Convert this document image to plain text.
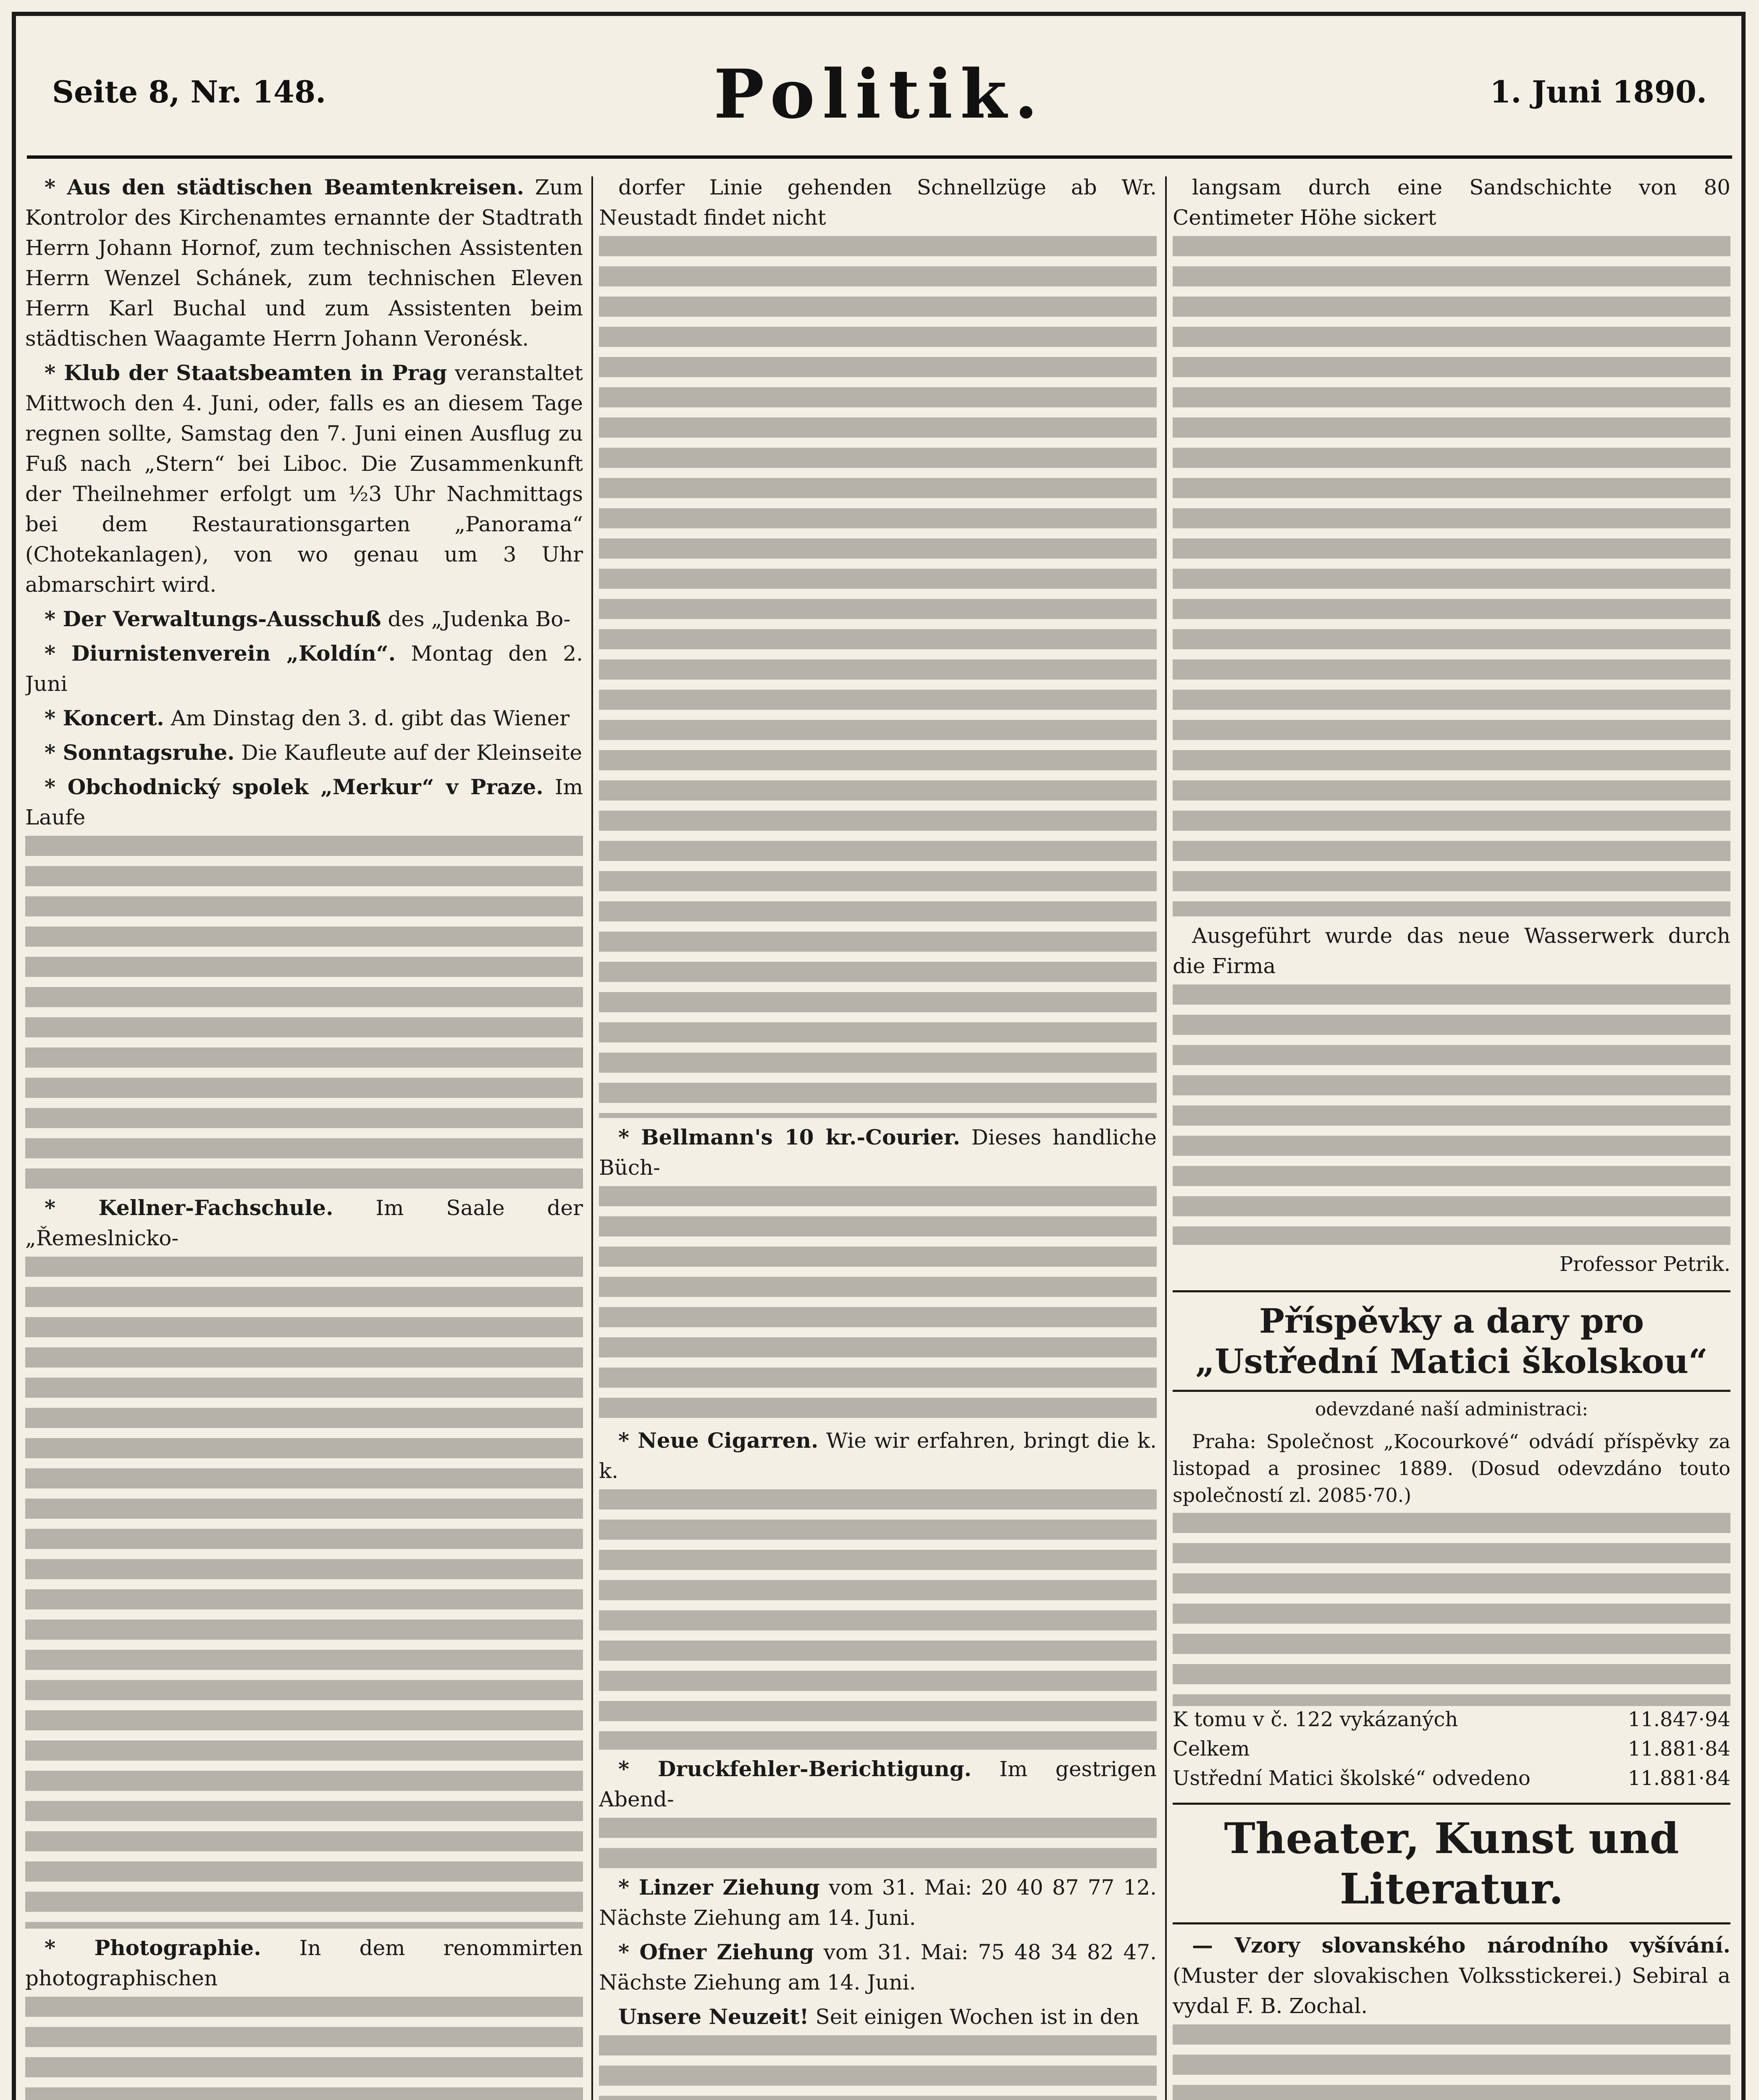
Seite 8, Nr. 148.	Politik.	1. Juni 1890.

* Aus den städtischen Beamtenkreisen. Zum Kontrolor des Kirchenamtes ernannte der Stadtrath Herrn Johann Hornof, zum technischen Assistenten Herrn Wenzel Schánek, zum technischen Eleven Herrn Karl Buchal und zum Assistenten beim städtischen Waagamte Herrn Johann Veronésk.

* Klub der Staatsbeamten in Prag veranstaltet Mittwoch den 4. Juni, oder, falls es an diesem Tage regnen sollte, Samstag den 7. Juni einen Ausflug zu Fuß nach „Stern“ bei Liboc. Die Zusammenkunft der Theilnehmer erfolgt um ½3 Uhr Nachmittags bei dem Restaurationsgarten „Panorama“ (Chotekanlagen), von wo genau um 3 Uhr abmarschirt wird.

* Der Verwaltungs-Ausschuß des „Judenka Bo-

* Diurnistenverein „Koldín“. Montag den 2. Juni

* Koncert. Am Dinstag den 3. d. gibt das Wiener

* Sonntagsruhe. Die Kaufleute auf der Kleinseite

* Obchodnický spolek „Merkur“ v Praze. Im Laufe

* Kellner-Fachschule. Im Saale der „Řemeslnicko-

* Photographie. In dem renommirten photographischen

dorfer Linie gehenden Schnellzüge ab Wr. Neustadt findet nicht

* Bellmann's 10 kr.-Courier. Dieses handliche Büch-

* Neue Cigarren. Wie wir erfahren, bringt die k. k.

* Druckfehler-Berichtigung. Im gestrigen Abend-

* Linzer Ziehung vom 31. Mai: 20 40 87 77 12. Nächste Ziehung am 14. Juni.

* Ofner Ziehung vom 31. Mai: 75 48 34 82 47. Nächste Ziehung am 14. Juni.

Unsere Neuzeit! Seit einigen Wochen ist in den

langsam durch eine Sandschichte von 80 Centimeter Höhe sickert

Ausgeführt wurde das neue Wasserwerk durch die Firma

Professor Petrik.
Příspěvky a dary pro „Ustřední Matici školskou“
odevzdané naší administraci:

Praha: Společnost „Kocourkové“ odvádí příspěvky za listopad a prosinec 1889. (Dosud odevzdáno touto společností zl. 2085·70.)

K tomu v č. 122 vykázaných	11.847·94
Celkem	11.881·84
Ustřední Matici školské“ odvedeno	11.881·84
Theater, Kunst und Literatur.

— Vzory slovanského národního vyšívání. (Muster der slovakischen Volksstickerei.) Sebiral a vydal F. B. Zochal.
